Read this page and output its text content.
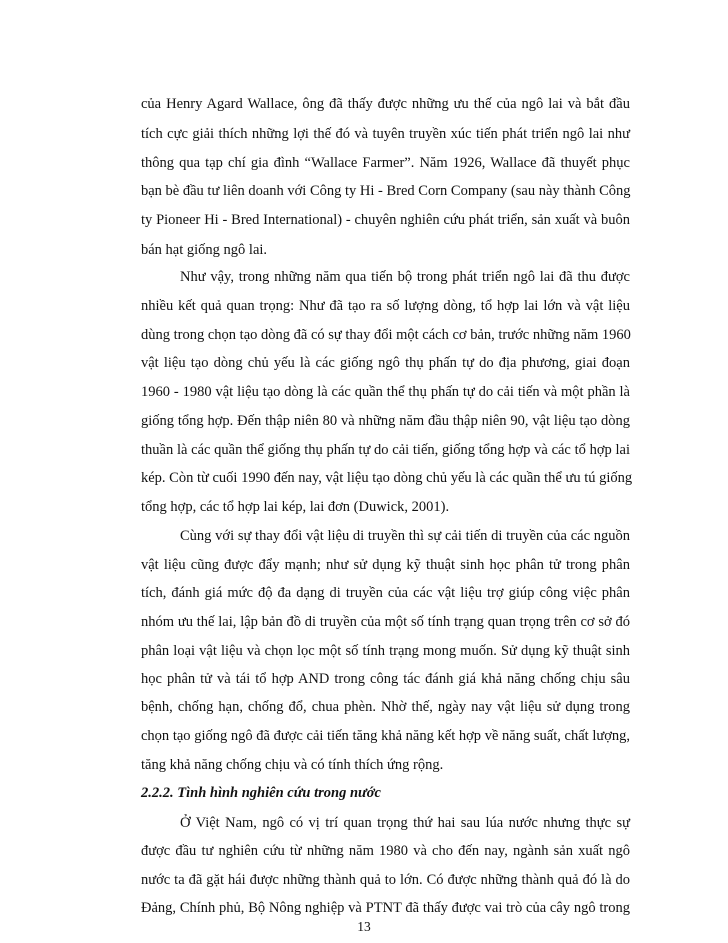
của Henry Agard Wallace, ông đã thấy được những ưu thế của ngô lai và bắt đầu
tích cực giải thích những lợi thế đó và tuyên truyền xúc tiến phát triển ngô lai như
thông qua tạp chí gia đình “Wallace Farmer”. Năm 1926, Wallace đã thuyết phục
bạn bè đầu tư liên doanh với Công ty Hi - Bred Corn Company (sau này thành Công
ty Pioneer Hi - Bred International) - chuyên nghiên cứu phát triển, sản xuất và buôn
bán hạt giống ngô lai.
Như vậy, trong những năm qua tiến bộ trong phát triển ngô lai đã thu được
nhiều kết quả quan trọng: Như đã tạo ra số lượng dòng, tổ hợp lai lớn và vật liệu
dùng trong chọn tạo dòng đã có sự thay đổi một cách cơ bản, trước những năm 1960
vật liệu tạo dòng chủ yếu là các giống ngô thụ phấn tự do địa phương, giai đoạn
1960 - 1980 vật liệu tạo dòng là các quần thể thụ phấn tự do cải tiến và một phần là
giống tổng hợp. Đến thập niên 80 và những năm đầu thập niên 90, vật liệu tạo dòng
thuần là các quần thể giống thụ phấn tự do cải tiến, giống tổng hợp và các tổ hợp lai
kép. Còn từ cuối 1990 đến nay, vật liệu tạo dòng chủ yếu là các quần thể ưu tú giống
tổng hợp, các tổ hợp lai kép, lai đơn (Duwick, 2001).
Cùng với sự thay đổi vật liệu di truyền thì sự cải tiến di truyền của các nguồn
vật liệu cũng được đẩy mạnh; như sử dụng kỹ thuật sinh học phân tử trong phân
tích, đánh giá mức độ đa dạng di truyền của các vật liệu trợ giúp công việc phân
nhóm ưu thế lai, lập bản đồ di truyền của một số tính trạng quan trọng trên cơ sở đó
phân loại vật liệu và chọn lọc một số tính trạng mong muốn. Sử dụng kỹ thuật sinh
học phân tử và tái tổ hợp AND trong công tác đánh giá khả năng chống chịu sâu
bệnh, chống hạn, chống đổ, chua phèn. Nhờ thế, ngày nay vật liệu sử dụng trong
chọn tạo giống ngô đã được cải tiến tăng khả năng kết hợp về năng suất, chất lượng,
tăng khả năng chống chịu và có tính thích ứng rộng.
2.2.2. Tình hình nghiên cứu trong nước
Ở Việt Nam, ngô có vị trí quan trọng thứ hai sau lúa nước nhưng thực sự
được đầu tư nghiên cứu từ những năm 1980 và cho đến nay, ngành sản xuất ngô
nước ta đã gặt hái được những thành quả to lớn. Có được những thành quả đó là do
Đảng, Chính phủ, Bộ Nông nghiệp và PTNT đã thấy được vai trò của cây ngô trong
13
